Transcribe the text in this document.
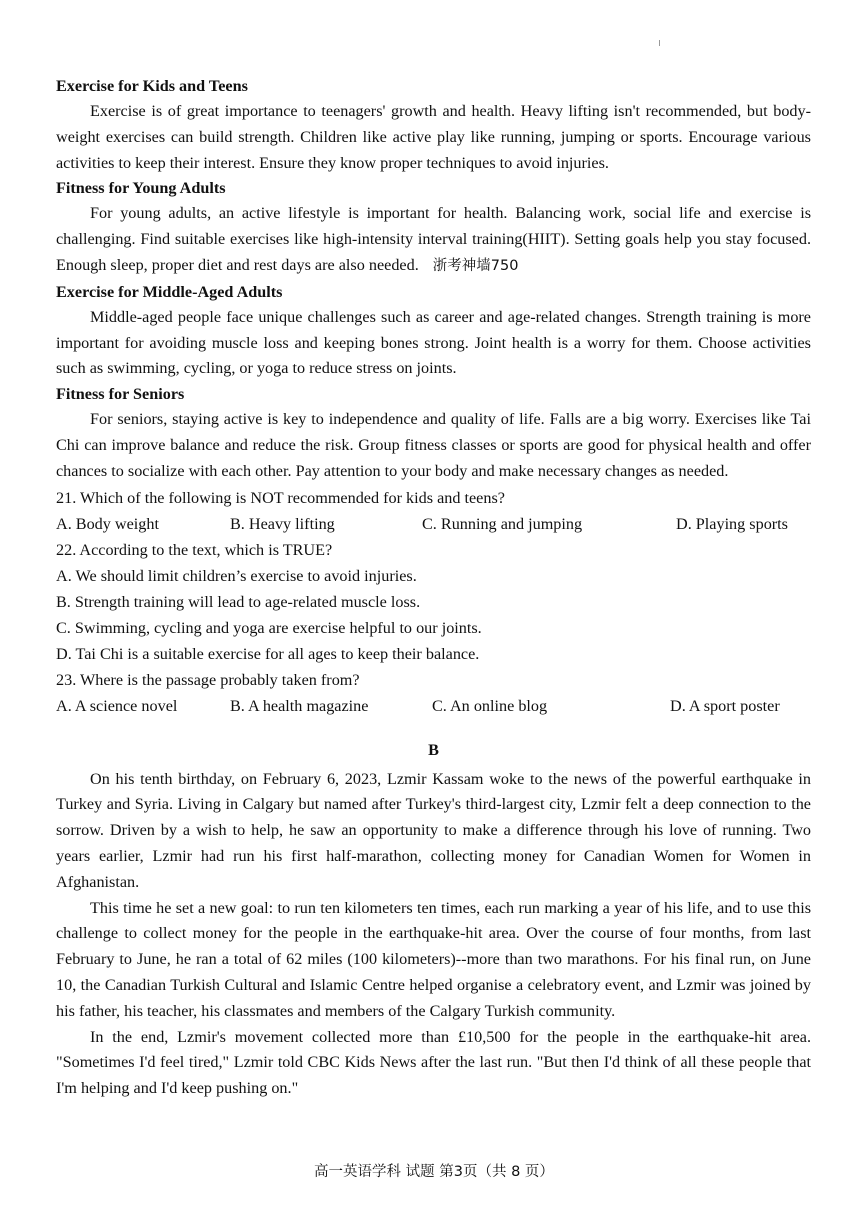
Exercise for Kids and Teens

Exercise is of great importance to teenagers' growth and health. Heavy lifting isn't recommended, but body-weight exercises can build strength. Children like active play like running, jumping or sports. Encourage various activities to keep their interest. Ensure they know proper techniques to avoid injuries.

Fitness for Young Adults

For young adults, an active lifestyle is important for health. Balancing work, social life and exercise is challenging. Find suitable exercises like high-intensity interval training(HIIT). Setting goals help you stay focused. Enough sleep, proper diet and rest days are also needed. 浙考神墙750

Exercise for Middle-Aged Adults

Middle-aged people face unique challenges such as career and age-related changes. Strength training is more important for avoiding muscle loss and keeping bones strong. Joint health is a worry for them. Choose activities such as swimming, cycling, or yoga to reduce stress on joints.

Fitness for Seniors

For seniors, staying active is key to independence and quality of life. Falls are a big worry. Exercises like Tai Chi can improve balance and reduce the risk. Group fitness classes or sports are good for physical health and offer chances to socialize with each other. Pay attention to your body and make necessary changes as needed.

21. Which of the following is NOT recommended for kids and teens?

A. Body weight	B. Heavy lifting	C. Running and jumping	D. Playing sports

22. According to the text, which is TRUE?

A. We should limit children’s exercise to avoid injuries.

B. Strength training will lead to age-related muscle loss.

C. Swimming, cycling and yoga are exercise helpful to our joints.

D. Tai Chi is a suitable exercise for all ages to keep their balance.

23. Where is the passage probably taken from?

A. A science novel	B. A health magazine	C. An online blog	D. A sport poster

B

On his tenth birthday, on February 6, 2023, Lzmir Kassam woke to the news of the powerful earthquake in Turkey and Syria. Living in Calgary but named after Turkey's third-largest city, Lzmir felt a deep connection to the sorrow. Driven by a wish to help, he saw an opportunity to make a difference through his love of running. Two years earlier, Lzmir had run his first half-marathon, collecting money for Canadian Women for Women in Afghanistan.

This time he set a new goal: to run ten kilometers ten times, each run marking a year of his life, and to use this challenge to collect money for the people in the earthquake-hit area. Over the course of four months, from last February to June, he ran a total of 62 miles (100 kilometers)--more than two marathons. For his final run, on June 10, the Canadian Turkish Cultural and Islamic Centre helped organise a celebratory event, and Lzmir was joined by his father, his teacher, his classmates and members of the Calgary Turkish community.

In the end, Lzmir's movement collected more than £10,500 for the people in the earthquake-hit area. "Sometimes I'd feel tired," Lzmir told CBC Kids News after the last run. "But then I'd think of all these people that I'm helping and I'd keep pushing on."

高一英语学科 试题 第3页（共 8 页）
